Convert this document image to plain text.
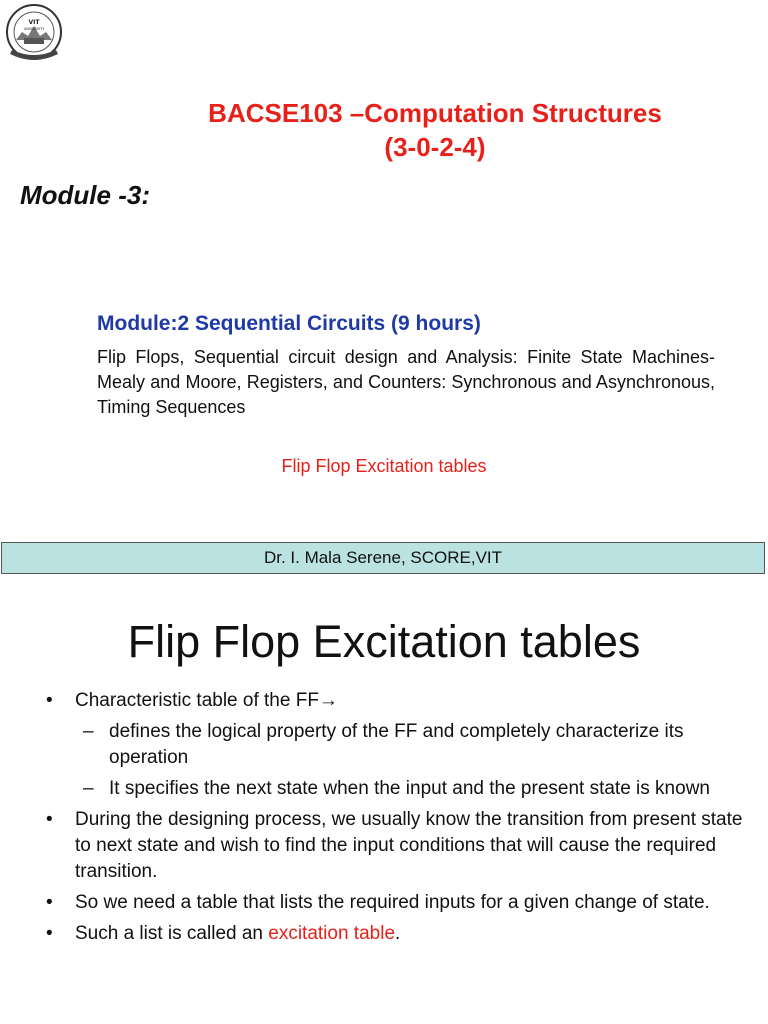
VIT
UNIVERSITY
BACSE103 –Computation Structures
(3-0-2-4)
Module -3:
Module:2 Sequential Circuits (9 hours)
Flip Flops, Sequential circuit design and Analysis: Finite State Machines-Mealy and Moore, Registers, and Counters: Synchronous and Asynchronous, Timing Sequences
Flip Flop Excitation tables
Dr. I. Mala Serene, SCORE,VIT
Flip Flop Excitation tables
• Characteristic table of the FF→
– defines the logical property of the FF and completely characterize its operation
– It specifies the next state when the input and the present state is known
• During the designing process, we usually know the transition from present state to next state and wish to find the input conditions that will cause the required transition.
• So we need a table that lists the required inputs for a given change of state.
• Such a list is called an excitation table.
